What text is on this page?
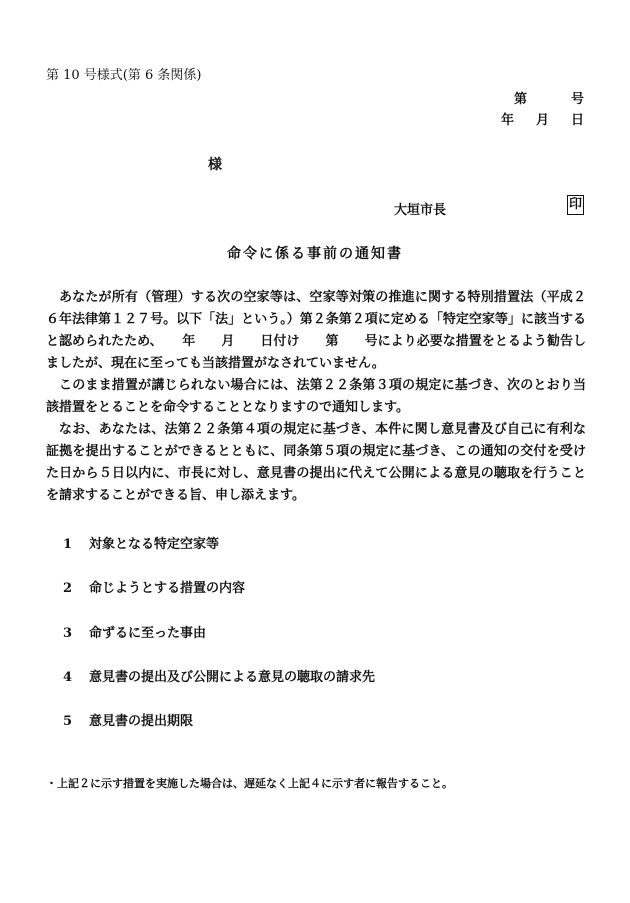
第 10 号様式(第 6 条関係)
第	号
年 月 日
様
大垣市長	印
命令に係る事前の通知書

あなたが所有（管理）する次の空家等は、空家等対策の推進に関する特別措置法（平成２６年法律第１２７号。以下「法」という。）第２条第２項に定める「特定空家等」に該当すると認められたため、　　年　　月　　日付け　　第　　号により必要な措置をとるよう勧告しましたが、現在に至っても当該措置がなされていません。

このまま措置が講じられない場合には、法第２２条第３項の規定に基づき、次のとおり当該措置をとることを命令することとなりますので通知します。

なお、あなたは、法第２２条第４項の規定に基づき、本件に関し意見書及び自己に有利な証拠を提出することができるとともに、同条第５項の規定に基づき、この通知の交付を受けた日から５日以内に、市長に対し、意見書の提出に代えて公開による意見の聴取を行うことを請求することができる旨、申し添えます。

1 対象となる特定空家等
2 命じようとする措置の内容
3 命ずるに至った事由
4 意見書の提出及び公開による意見の聴取の請求先
5 意見書の提出期限
・上記２に示す措置を実施した場合は、遅延なく上記４に示す者に報告すること。
